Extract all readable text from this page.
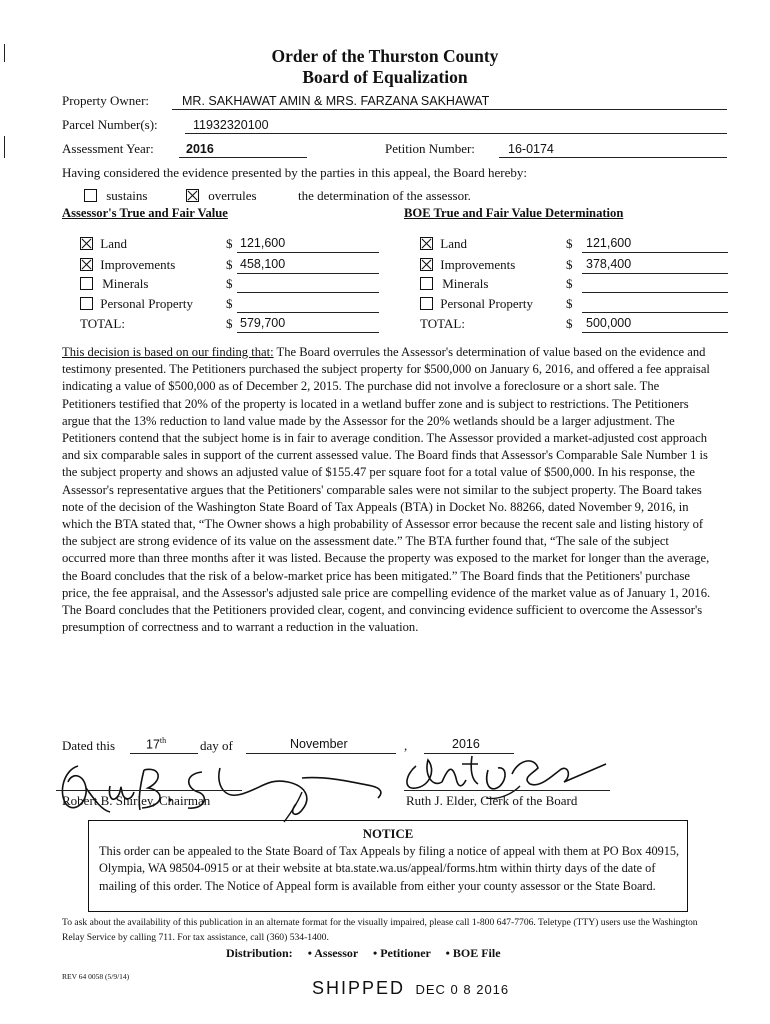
Order of the Thurston County
Board of Equalization
Property Owner:	MR. SAKHAWAT AMIN & MRS. FARZANA SAKHAWAT
Parcel Number(s):	11932320100
Assessment Year:	2016	Petition Number:	16-0174
Having considered the evidence presented by the parties in this appeal, the Board hereby:
sustains	overrules	the determination of the assessor.
Assessor's True and Fair Value	BOE True and Fair Value Determination
Land	$ 121,600
Improvements	$ 458,100
Minerals	$
Personal Property	$
TOTAL:	$ 579,700
Land	$ 121,600
Improvements	$ 378,400
Minerals	$
Personal Property	$
TOTAL:	$ 500,000
This decision is based on our finding that: The Board overrules the Assessor's determination of value based on the evidence and testimony presented. The Petitioners purchased the subject property for $500,000 on January 6, 2016, and offered a fee appraisal indicating a value of $500,000 as of December 2, 2015. The purchase did not involve a foreclosure or a short sale. The Petitioners testified that 20% of the property is located in a wetland buffer zone and is subject to restrictions. The Petitioners argue that the 13% reduction to land value made by the Assessor for the 20% wetlands should be a larger adjustment. The Petitioners contend that the subject home is in fair to average condition. The Assessor provided a market-adjusted cost approach and six comparable sales in support of the current assessed value. The Board finds that Assessor's Comparable Sale Number 1 is the subject property and shows an adjusted value of $155.47 per square foot for a total value of $500,000. In his response, the Assessor's representative argues that the Petitioners' comparable sales were not similar to the subject property. The Board takes note of the decision of the Washington State Board of Tax Appeals (BTA) in Docket No. 88266, dated November 9, 2016, in which the BTA stated that, “The Owner shows a high probability of Assessor error because the recent sale and listing history of the subject are strong evidence of its value on the assessment date.” The BTA further found that, “The sale of the subject occurred more than three months after it was listed. Because the property was exposed to the market for longer than the average, the Board concludes that the risk of a below-market price has been mitigated.” The Board finds that the Petitioners' purchase price, the fee appraisal, and the Assessor's adjusted sale price are compelling evidence of the market value as of January 1, 2016. The Board concludes that the Petitioners provided clear, cogent, and convincing evidence sufficient to overcome the Assessor's presumption of correctness and to warrant a reduction in the valuation.
Dated this 17th	day of	November	,	2016
Robert B. Shirley, Chairman	Ruth J. Elder, Clerk of the Board
NOTICE
This order can be appealed to the State Board of Tax Appeals by filing a notice of appeal with them at PO Box 40915, Olympia, WA 98504-0915 or at their website at bta.state.wa.us/appeal/forms.htm within thirty days of the date of mailing of this order. The Notice of Appeal form is available from either your county assessor or the State Board.
To ask about the availability of this publication in an alternate format for the visually impaired, please call 1-800 647-7706. Teletype (TTY) users use the Washington Relay Service by calling 711. For tax assistance, call (360) 534-1400.
Distribution: • Assessor • Petitioner • BOE File
REV 64 0058 (5/9/14)
SHIPPED DEC 0 8 2016
